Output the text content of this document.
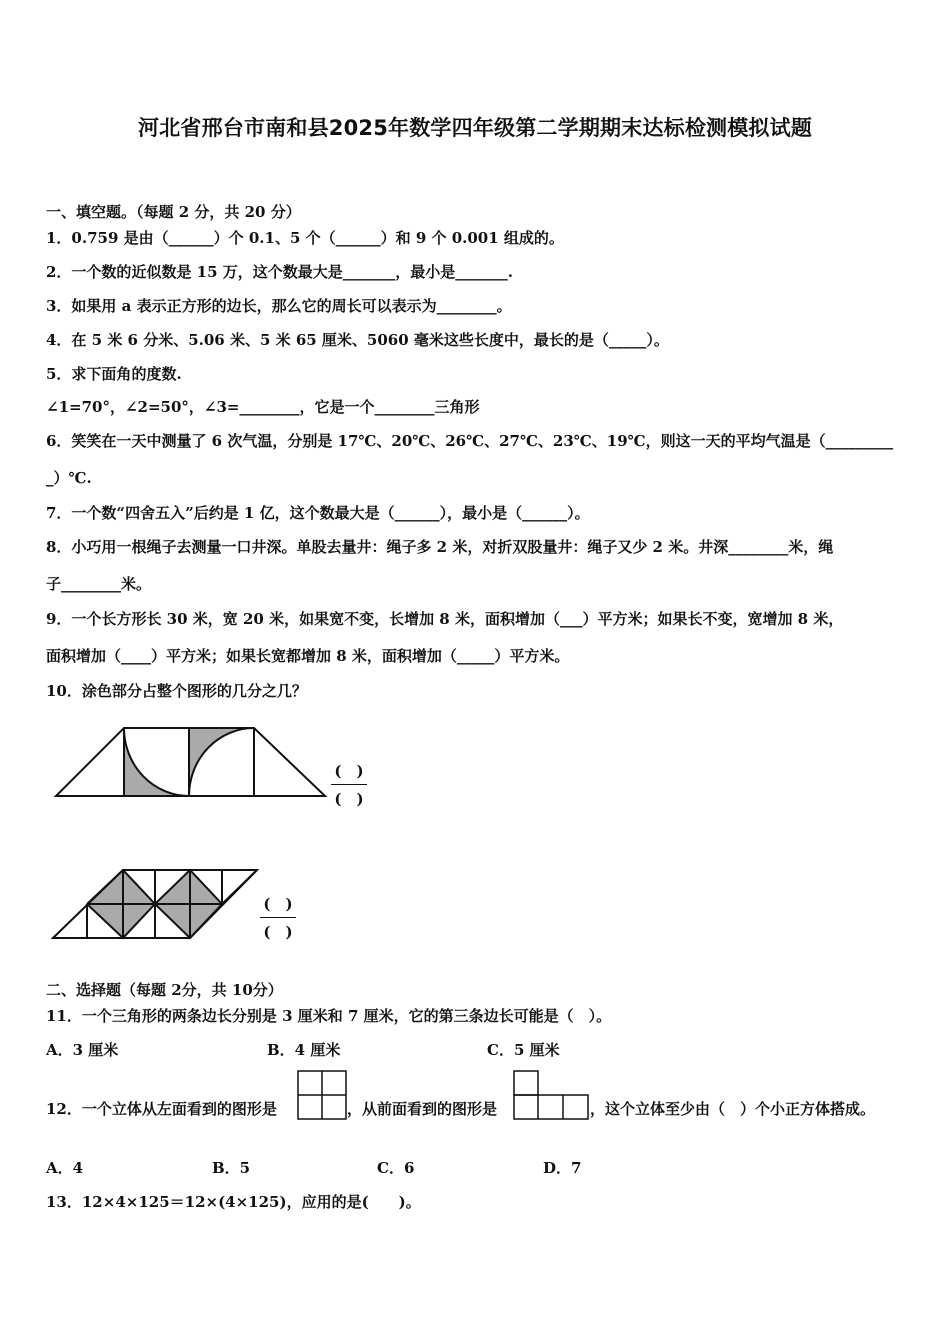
河北省邢台市南和县2025年数学四年级第二学期期末达标检测模拟试题
一、填空题。（每题 2 分，共 20 分）
1．0.759 是由（______）个 0.1、5 个（______）和 9 个 0.001 组成的。
2．一个数的近似数是 15 万，这个数最大是_______，最小是_______.
3．如果用 a 表示正方形的边长，那么它的周长可以表示为________。
4．在 5 米 6 分米、5.06 米、5 米 65 厘米、5060 毫米这些长度中，最长的是（_____）。
5．求下面角的度数.
∠1=70°，∠2=50°，∠3=________，它是一个________三角形
6．笑笑在一天中测量了 6 次气温，分别是 17℃、20℃、26℃、27℃、23℃、19℃，则这一天的平均气温是（_________
_）℃.
7．一个数“四舍五入”后约是 1 亿，这个数最大是（______），最小是（______）。
8．小巧用一根绳子去测量一口井深。单股去量井：绳子多 2 米，对折双股量井：绳子又少 2 米。井深________米，绳
子________米。
9．一个长方形长 30 米，宽 20 米，如果宽不变，长增加 8 米，面积增加（___）平方米；如果长不变，宽增加 8 米，
面积增加（____）平方米；如果长宽都增加 8 米，面积增加（_____）平方米。
10．涂色部分占整个图形的几分之几？
(　)
(　)
(　)
(　)
二、选择题（每题 2分，共 10分）
11．一个三角形的两条边长分别是 3 厘米和 7 厘米，它的第三条边长可能是（　）。
A．3 厘米	B．4 厘米	C．5 厘米
12．一个立体从左面看到的图形是	，从前面看到的图形是	，这个立体至少由（　）个小正方体搭成。
A．4	B．5	C．6	D．7
13．12×4×125＝12×(4×125)，应用的是(　　)。
